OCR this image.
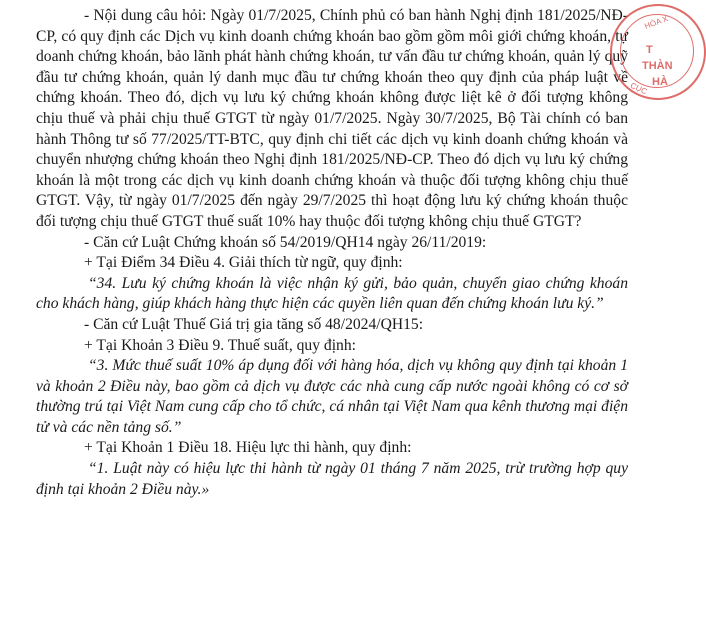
- Nội dung câu hỏi: Ngày 01/7/2025, Chính phủ có ban hành Nghị định 181/2025/NĐ-CP, có quy định các Dịch vụ kinh doanh chứng khoán bao gồm gồm môi giới chứng khoán, tự doanh chứng khoán, bảo lãnh phát hành chứng khoán, tư vấn đầu tư chứng khoán, quản lý quỹ đầu tư chứng khoán, quản lý danh mục đầu tư chứng khoán theo quy định của pháp luật về chứng khoán. Theo đó, dịch vụ lưu ký chứng khoán không được liệt kê ở đối tượng không chịu thuế và phải chịu thuế GTGT từ ngày 01/7/2025. Ngày 30/7/2025, Bộ Tài chính có ban hành Thông tư số 77/2025/TT-BTC, quy định chi tiết các dịch vụ kinh doanh chứng khoán và chuyển nhượng chứng khoán theo Nghị định 181/2025/NĐ-CP. Theo đó dịch vụ lưu ký chứng khoán là một trong các dịch vụ kinh doanh chứng khoán và thuộc đối tượng không chịu thuế GTGT. Vậy, từ ngày 01/7/2025 đến ngày 29/7/2025 thì hoạt động lưu ký chứng khoán thuộc đối tượng chịu thuế GTGT thuế suất 10% hay thuộc đối tượng không chịu thuế GTGT?

- Căn cứ Luật Chứng khoán số 54/2019/QH14 ngày 26/11/2019:

+ Tại Điểm 34 Điều 4. Giải thích từ ngữ, quy định:

“34. Lưu ký chứng khoán là việc nhận ký gửi, bảo quản, chuyển giao chứng khoán cho khách hàng, giúp khách hàng thực hiện các quyền liên quan đến chứng khoán lưu ký.”

- Căn cứ Luật Thuế Giá trị gia tăng số 48/2024/QH15:

+ Tại Khoản 3 Điều 9. Thuế suất, quy định:

“3. Mức thuế suất 10% áp dụng đối với hàng hóa, dịch vụ không quy định tại khoản 1 và khoản 2 Điều này, bao gồm cả dịch vụ được các nhà cung cấp nước ngoài không có cơ sở thường trú tại Việt Nam cung cấp cho tổ chức, cá nhân tại Việt Nam qua kênh thương mại điện tử và các nền tảng số.”

+ Tại Khoản 1 Điều 18. Hiệu lực thi hành, quy định:

“1. Luật này có hiệu lực thi hành từ ngày 01 tháng 7 năm 2025, trừ trường hợp quy định tại khoản 2 Điều này.»

HÒA X
T
THÀN
HÀ
CỤC
